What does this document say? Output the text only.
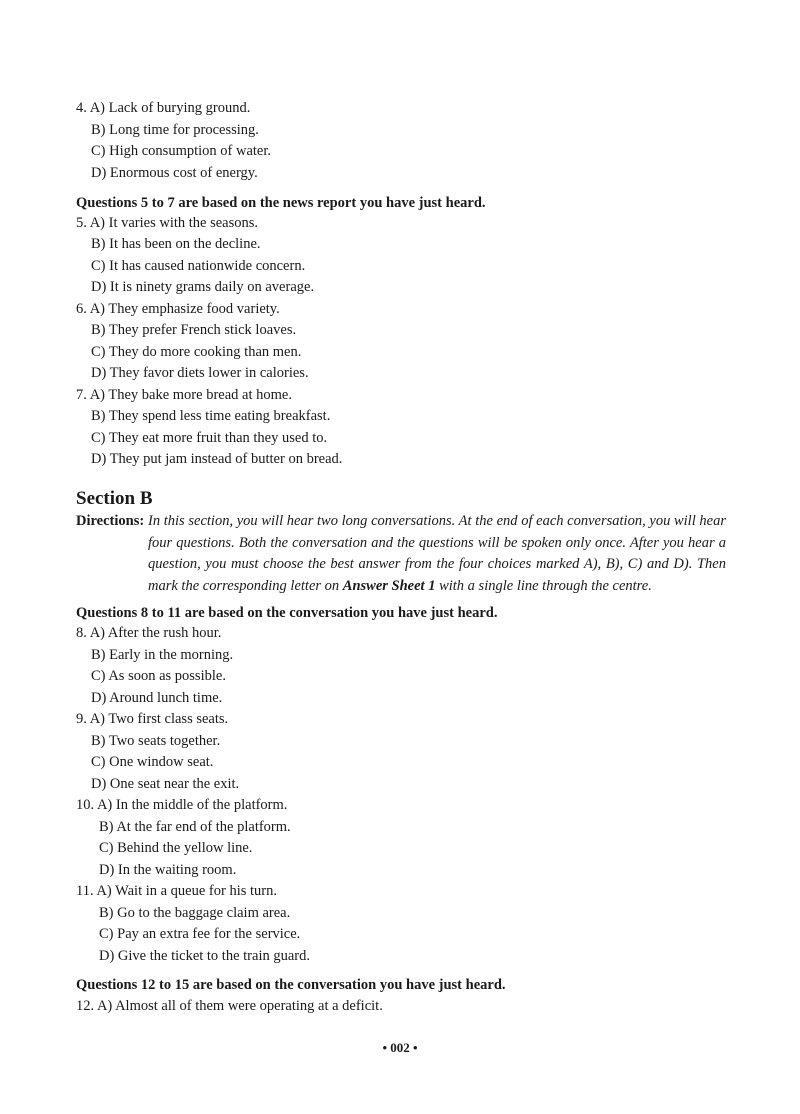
4. A) Lack of burying ground.
B) Long time for processing.
C) High consumption of water.
D) Enormous cost of energy.
Questions 5 to 7 are based on the news report you have just heard.
5. A) It varies with the seasons.
B) It has been on the decline.
C) It has caused nationwide concern.
D) It is ninety grams daily on average.
6. A) They emphasize food variety.
B) They prefer French stick loaves.
C) They do more cooking than men.
D) They favor diets lower in calories.
7. A) They bake more bread at home.
B) They spend less time eating breakfast.
C) They eat more fruit than they used to.
D) They put jam instead of butter on bread.
Section B
Directions: In this section, you will hear two long conversations. At the end of each conversation, you will hear four questions. Both the conversation and the questions will be spoken only once. After you hear a question, you must choose the best answer from the four choices marked A), B), C) and D). Then mark the corresponding letter on Answer Sheet 1 with a single line through the centre.
Questions 8 to 11 are based on the conversation you have just heard.
8. A) After the rush hour.
B) Early in the morning.
C) As soon as possible.
D) Around lunch time.
9. A) Two first class seats.
B) Two seats together.
C) One window seat.
D) One seat near the exit.
10. A) In the middle of the platform.
B) At the far end of the platform.
C) Behind the yellow line.
D) In the waiting room.
11. A) Wait in a queue for his turn.
B) Go to the baggage claim area.
C) Pay an extra fee for the service.
D) Give the ticket to the train guard.
Questions 12 to 15 are based on the conversation you have just heard.
12. A) Almost all of them were operating at a deficit.
• 002 •
